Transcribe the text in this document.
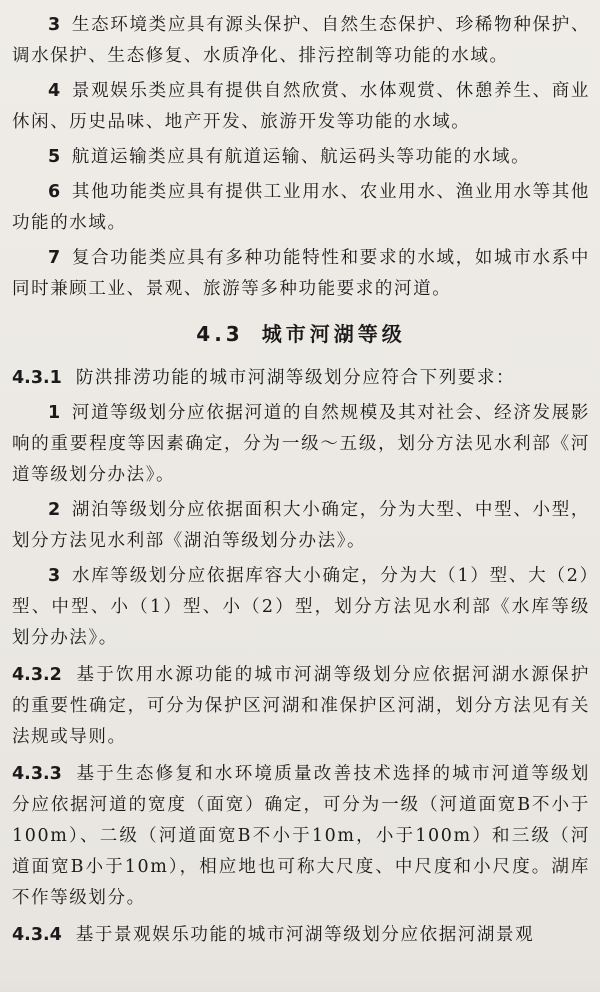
3 生态环境类应具有源头保护、自然生态保护、珍稀物种保护、调水保护、生态修复、水质净化、排污控制等功能的水域。

4 景观娱乐类应具有提供自然欣赏、水体观赏、休憩养生、商业休闲、历史品味、地产开发、旅游开发等功能的水域。

5 航道运输类应具有航道运输、航运码头等功能的水域。

6 其他功能类应具有提供工业用水、农业用水、渔业用水等其他功能的水域。

7 复合功能类应具有多种功能特性和要求的水域，如城市水系中同时兼顾工业、景观、旅游等多种功能要求的河道。

4.3 城市河湖等级

4.3.1 防洪排涝功能的城市河湖等级划分应符合下列要求：

1 河道等级划分应依据河道的自然规模及其对社会、经济发展影响的重要程度等因素确定，分为一级～五级，划分方法见水利部《河道等级划分办法》。

2 湖泊等级划分应依据面积大小确定，分为大型、中型、小型，划分方法见水利部《湖泊等级划分办法》。

3 水库等级划分应依据库容大小确定，分为大（1）型、大（2）型、中型、小（1）型、小（2）型，划分方法见水利部《水库等级划分办法》。

4.3.2 基于饮用水源功能的城市河湖等级划分应依据河湖水源保护的重要性确定，可分为保护区河湖和准保护区河湖，划分方法见有关法规或导则。

4.3.3 基于生态修复和水环境质量改善技术选择的城市河道等级划分应依据河道的宽度（面宽）确定，可分为一级（河道面宽B不小于100m）、二级（河道面宽B不小于10m，小于100m）和三级（河道面宽B小于10m），相应地也可称大尺度、中尺度和小尺度。湖库不作等级划分。

4.3.4 基于景观娱乐功能的城市河湖等级划分应依据河湖景观
